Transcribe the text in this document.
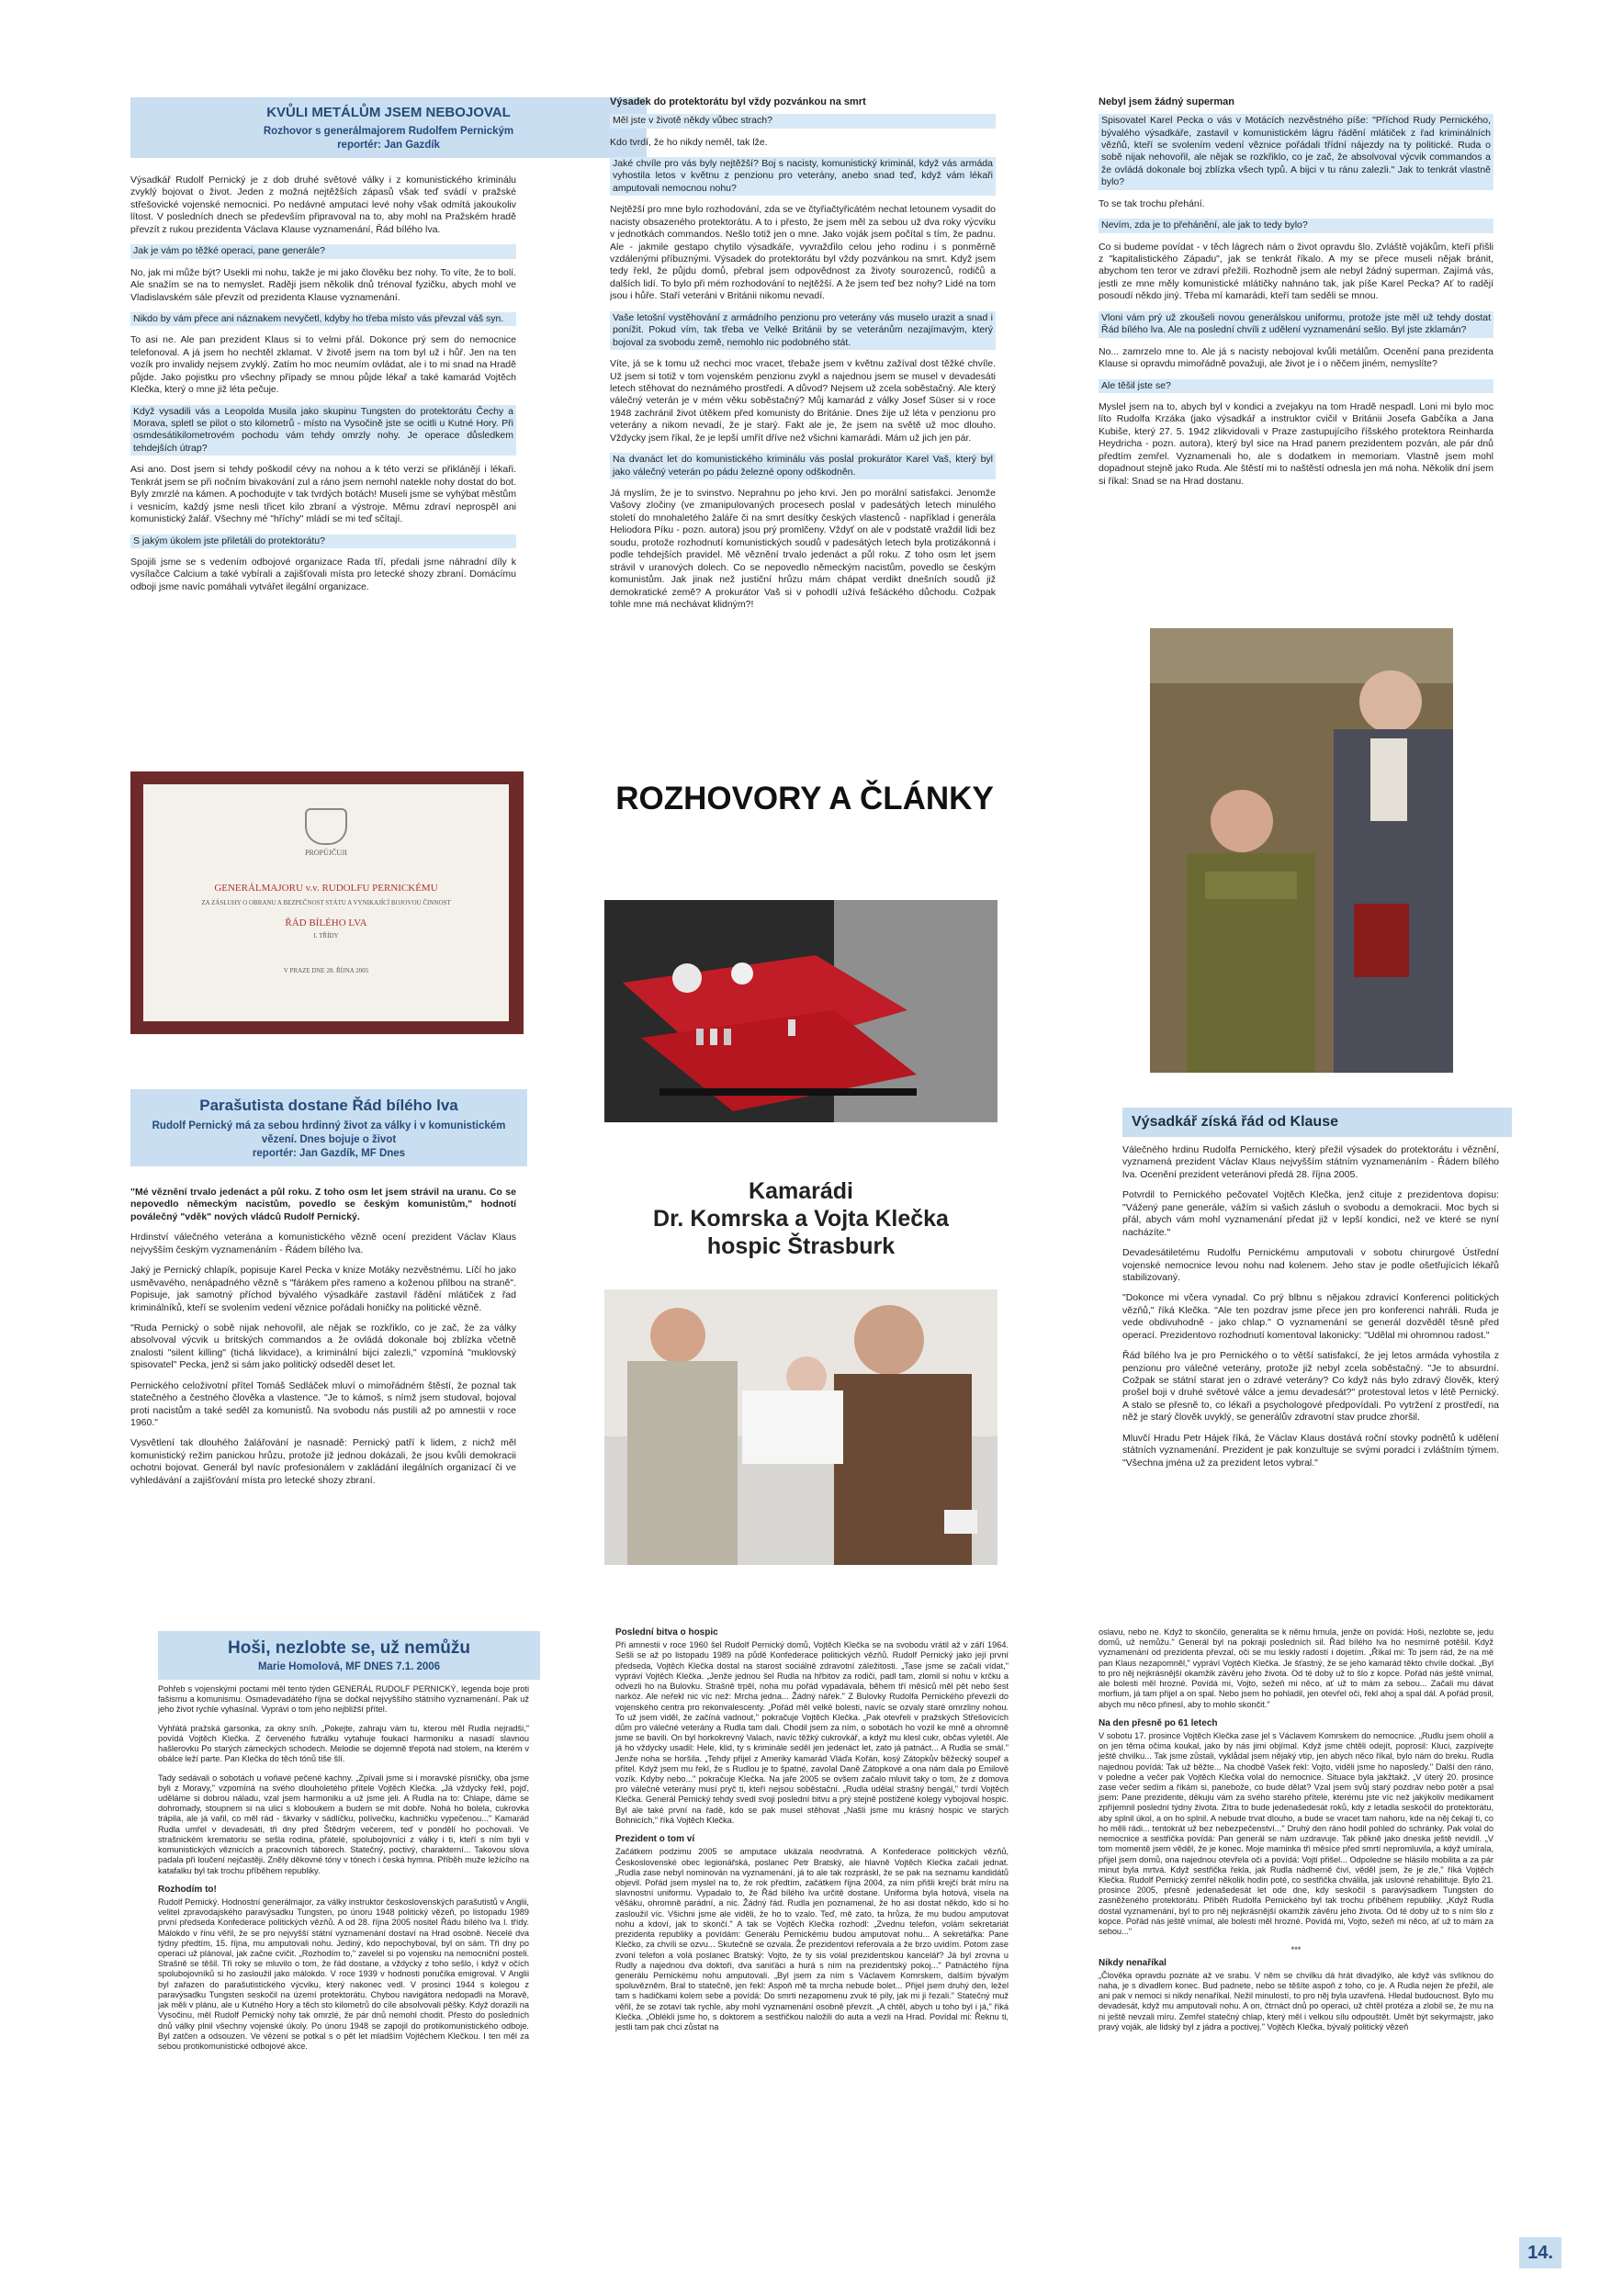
KVŮLI METÁLŮM JSEM NEBOJOVAL
Rozhovor s generálmajorem Rudolfem Pernickým
reportér: Jan Gazdík

Výsadkář Rudolf Pernický je z dob druhé světové války i z komunistického kriminálu zvyklý bojovat o život. Jeden z možná nejtěžších zápasů však teď svádí v pražské střešovické vojenské nemocnici. Po nedávné amputaci levé nohy však odmítá jakoukoliv lítost. V posledních dnech se především připravoval na to, aby mohl na Pražském hradě převzít z rukou prezidenta Václava Klause vyznamenání, Řád bílého lva.

Jak je vám po těžké operaci, pane generále?

No, jak mi může být? Usekli mi nohu, takže je mi jako člověku bez nohy. To víte, že to bolí. Ale snažím se na to nemyslet. Raději jsem několik dnů trénoval fyzičku, abych mohl ve Vladislavském sále převzít od prezidenta Klause vyznamenání.

Nikdo by vám přece ani náznakem nevyčetl, kdyby ho třeba místo vás převzal váš syn.

To asi ne. Ale pan prezident Klaus si to velmi přál. Dokonce prý sem do nemocnice telefonoval. A já jsem ho nechtěl zklamat. V životě jsem na tom byl už i hůř. Jen na ten vozík pro invalidy nejsem zvyklý. Zatím ho moc neumím ovládat, ale i to mi snad na Hradě půjde. Jako pojistku pro všechny případy se mnou půjde lékař a také kamarád Vojtěch Klečka, který o mne již léta pečuje.

Když vysadili vás a Leopolda Musila jako skupinu Tungsten do protektorátu Čechy a Morava, spletl se pilot o sto kilometrů - místo na Vysočině jste se ocitli u Kutné Hory. Při osmdesátikilometrovém pochodu vám tehdy omrzly nohy. Je operace důsledkem tehdejších útrap?

Asi ano. Dost jsem si tehdy poškodil cévy na nohou a k této verzi se přiklánějí i lékaři. Tenkrát jsem se při nočním bivakování zul a ráno jsem nemohl natekle nohy dostat do bot. Byly zmrzlé na kámen. A pochodujte v tak tvrdých botách! Museli jsme se vyhýbat městům i vesnicím, každý jsme nesli třicet kilo zbraní a výstroje. Měmu zdraví neprospěl ani komunistický žalář. Všechny mé "hříchy" mládí se mi teď sčítají.

S jakým úkolem jste přiletáli do protektorátu?

Spojili jsme se s vedením odbojové organizace Rada tří, předali jsme náhradní díly k vysílačce Calcium a také vybírali a zajišťovali místa pro letecké shozy zbraní. Domácímu odboji jsme navíc pomáhali vytvářet ilegální organizace.

Výsadek do protektorátu byl vždy pozvánkou na smrt

Měl jste v životě někdy vůbec strach?

Kdo tvrdí, že ho nikdy neměl, tak lže.

Jaké chvíle pro vás byly nejtěžší? Boj s nacisty, komunistický kriminál, když vás armáda vyhostila letos v květnu z penzionu pro veterány, anebo snad teď, když vám lékaři amputovali nemocnou nohu?

Nejtěžší pro mne bylo rozhodování, zda se ve čtyřiačtyřicátém nechat letounem vysadit do nacisty obsazeného protektorátu. A to i přesto, že jsem měl za sebou už dva roky výcviku v jednotkách commandos. Nešlo totiž jen o mne. Jako voják jsem počítal s tím, že padnu. Ale - jakmile gestapo chytilo výsadkáře, vyvražďilo celou jeho rodinu i s ponměrně vzdálenými příbuznými. Výsadek do protektorátu byl vždy pozvánkou na smrt. Když jsem tedy řekl, že půjdu domů, přebral jsem odpovědnost za životy sourozenců, rodičů a dalších lidí. To bylo při mém rozhodování to nejtěžší. A že jsem teď bez nohy? Lidé na tom jsou i hůře. Staří veteráni v Británii nikomu nevadí.

Vaše letošní vystěhování z armádního penzionu pro veterány vás muselo urazit a snad i ponížit. Pokud vím, tak třeba ve Velké Británii by se veteránům nezajímavým, který bojoval za svobodu země, nemohlo nic podobného stát.

Víte, já se k tomu už nechci moc vracet, třebaže jsem v květnu zažíval dost těžké chvíle. Už jsem si totiž v tom vojenském penzionu zvykl a najednou jsem se musel v devadesáti letech stěhovat do neznámého prostředí. A důvod? Nejsem už zcela soběstačný. Ale který válečný veterán je v mém věku soběstačný? Můj kamarád z války Josef Süser si v roce 1948 zachránil život útěkem před komunisty do Británie. Dnes žije už léta v penzionu pro veterány a nikom nevadí, že je starý. Fakt ale je, že jsem na světě už moc dlouho. Vždycky jsem říkal, že je lepší umřít dříve než všichni kamarádi. Mám už jich jen pár.

Na dvanáct let do komunistického kriminálu vás poslal prokurátor Karel Vaš, který byl jako válečný veterán po pádu železné opony odškodněn.

Já myslím, že je to svinstvo. Neprahnu po jeho krvi. Jen po morální satisfakci. Jenomže Vašovy zločiny (ve zmanipulovaných procesech poslal v padesátých letech minulého století do mnohaletého žaláře či na smrt desítky českých vlastenců - například i generála Heliodora Píku - pozn. autora) jsou prý promlčeny. Vždyť on ale v podstatě vraždil lidi bez soudu, protože rozhodnutí komunistických soudů v padesátých letech byla protizákonná i podle tehdejších pravidel. Mě věznění trvalo jedenáct a půl roku. Z toho osm let jsem strávil v uranových dolech. Co se nepovedlo německým nacistům, povedlo se českým komunistům. Jak jinak než justiční hrůzu mám chápat verdikt dnešních soudů již demokratické země? A prokurátor Vaš si v pohodlí užívá fešáckého důchodu. Cožpak tohle mne má nechávat klidným?!

Nebyl jsem žádný superman

Spisovatel Karel Pecka o vás v Motácích nezvěstného píše: "Příchod Rudy Pernického, bývalého výsadkáře, zastavil v komunistickém lágru řádění mlátiček z řad kriminálních vězňů, kteří se svolením vedení věznice pořádali třídní nájezdy na ty politické. Ruda o sobě nijak nehovořil, ale nějak se rozkřiklo, co je zač, že absolvoval výcvik commandos a že ovládá dokonale boj zblízka všech typů. A bijci v tu ránu zalezli." Jak to tenkrát vlastně bylo?

To se tak trochu přehání.

Nevím, zda je to přehánění, ale jak to tedy bylo?

Co si budeme povídat - v těch lágrech nám o život opravdu šlo. Zvláště vojákům, kteří přišli z "kapitalistického Západu", jak se tenkrát říkalo. A my se přece museli nějak bránit, abychom ten teror ve zdraví přežili. Rozhodně jsem ale nebyl žádný superman. Zajímá vás, jestli ze mne měly komunistické mlátičky nahnáno tak, jak píše Karel Pecka? Ať to radějí posoudí někdo jiný. Třeba mí kamarádi, kteří tam seděli se mnou.

Vloni vám prý už zkoušeli novou generálskou uniformu, protože jste měl už tehdy dostat Řád bílého lva. Ale na poslední chvíli z udělení vyznamenání sešlo. Byl jste zklamán?

No... zamrzelo mne to. Ale já s nacisty nebojoval kvůli metálům. Ocenění pana prezidenta Klause si opravdu mimořádně považuji, ale život je i o něčem jiném, nemyslíte?

Ale těšil jste se?

Myslel jsem na to, abych byl v kondici a zvejakyu na tom Hradě nespadl. Loni mi bylo moc líto Rudolfa Krzáka (jako výsadkář a instruktor cvičil v Británii Josefa Gabčíka a Jana Kubiše, který 27. 5. 1942 zlikvidovali v Praze zastupujícího říšského protektora Reinharda Heydricha - pozn. autora), který byl sice na Hrad panem prezidentem pozván, ale pár dnů předtím zemřel. Vyznamenali ho, ale s dodatkem in memoriam. Vlastně jsem mohl dopadnout stejně jako Ruda. Ale štěstí mi to naštěstí odnesla jen má noha. Několik dní jsem si říkal: Snad se na Hrad dostanu.

PROPŮJČUJI
GENERÁLMAJORU v.v. RUDOLFU PERNICKÉMU
ZA ZÁSLUHY O OBRANU A BEZPEČNOST STÁTU A VYNIKAJÍCÍ BOJOVOU ČINNOST
ŘÁD BÍLÉHO LVA
I. TŘÍDY
V PRAZE DNE 28. ŘÍJNA 2005
ROZHOVORY A ČLÁNKY
Kamarádi
Dr. Komrska a Vojta Klečka
hospic Štrasburk
Parašutista dostane Řád bílého lva
Rudolf Pernický má za sebou hrdinný život za války i v komunistickém vězení. Dnes bojuje o život
reportér: Jan Gazdík, MF Dnes

"Mé věznění trvalo jedenáct a půl roku. Z toho osm let jsem strávil na uranu. Co se nepovedlo německým nacistům, povedlo se českým komunistům," hodnotí poválečný "vděk" nových vládců Rudolf Pernický.

Hrdinství válečného veterána a komunistického vězně ocení prezident Václav Klaus nejvyšším českým vyznamenáním - Řádem bílého lva.

Jaký je Pernický chlapík, popisuje Karel Pecka v knize Motáky nezvěstnému. Líčí ho jako usměvavého, nenápadného vězně s "fárákem přes rameno a koženou přilbou na straně". Popisuje, jak samotný příchod bývalého výsadkáře zastavil řádění mlátiček z řad kriminálníků, kteří se svolením vedení věznice pořádali honičky na politické vězně.

"Ruda Pernický o sobě nijak nehovořil, ale nějak se rozkřiklo, co je zač, že za války absolvoval výcvik u britských commandos a že ovládá dokonale boj zblízka včetně znalosti "silent killing" (tichá likvidace), a kriminální bijci zalezli," vzpomíná "muklovský spisovatel" Pecka, jenž si sám jako politický odseděl deset let.

Pernického celoživotní přítel Tomáš Sedláček mluví o mimořádném štěstí, že poznal tak statečného a čestného člověka a vlastence. "Je to kámoš, s nímž jsem studoval, bojoval proti nacistům a také seděl za komunistů. Na svobodu nás pustili až po amnestii v roce 1960."

Vysvětlení tak dlouhého žalářování je nasnadě: Pernický patří k lidem, z nichž měl komunistický režim panickou hrůzu, protože již jednou dokázali, že jsou kvůli demokracii ochotni bojovat. Generál byl navíc profesionálem v zakládání ilegálních organizací či ve vyhledávání a zajišťování místa pro letecké shozy zbraní.

Výsadkář získá řád od Klause

Válečného hrdinu Rudolfa Pernického, který přežil výsadek do protektorátu i věznění, vyznamená prezident Václav Klaus nejvyšším státním vyznamenáním - Řádem bílého lva. Ocenění prezident veteránovi předá 28. října 2005.

Potvrdil to Pernického pečovatel Vojtěch Klečka, jenž cituje z prezidentova dopisu: "Vážený pane generále, vážím si vašich zásluh o svobodu a demokracii. Moc bych si přál, abych vám mohl vyznamenání předat již v lepší kondici, než ve které se nyní nacházíte."

Devadesátiletému Rudolfu Pernickému amputovali v sobotu chirurgové Ústřední vojenské nemocnice levou nohu nad kolenem. Jeho stav je podle ošetřujících lékařů stabilizovaný.

"Dokonce mi včera vynadal. Co prý blbnu s nějakou zdravicí Konferenci politických vězňů," říká Klečka. "Ale ten pozdrav jsme přece jen pro konferenci nahráli. Ruda je vede obdivuhodně - jako chlap." O vyznamenání se generál dozvěděl těsně před operací. Prezidentovo rozhodnutí komentoval lakonicky: "Udělal mi ohromnou radost."

Řád bílého lva je pro Pernického o to větší satisfakcí, že jej letos armáda vyhostila z penzionu pro válečné veterány, protože již nebyl zcela soběstačný. "Je to absurdní. Cožpak se státní starat jen o zdravé veterány? Co když nás bylo zdravý člověk, který prošel boji v druhé světové válce a jemu devadesát?" protestoval letos v létě Pernický. A stalo se přesně to, co lékaři a psychologové předpovídali. Po vytržení z prostředí, na něž je starý člověk uvyklý, se generálův zdravotní stav prudce zhoršil.

Mluvčí Hradu Petr Hájek říká, že Václav Klaus dostává roční stovky podnětů k udělení státních vyznamenání. Prezident je pak konzultuje se svými poradci i zvláštním týmem. "Všechna jména už za prezident letos vybral."

Hoši, nezlobte se, už nemůžu
Marie Homolová, MF DNES 7.1. 2006

Pohřeb s vojenskými poctami měl tento týden GENERÁL RUDOLF PERNICKÝ, legenda boje proti fašismu a komunismu. Osmadevadátého října se dočkal nejvyššího státního vyznamenání. Pak už jeho život rychle vyhasínal. Vyprávi o tom jeho nejbližší přítel.

Vyhřátá pražská garsonka, za okny sníh. „Pokejte, zahraju vám tu, kterou měl Rudla nejradši," povídá Vojtěch Klečka. Z červeného futrálku vytahuje foukací harmoniku a nasadí slavnou hašlerovku Po starých zámeckých schodech. Melodie se dojemně třepotá nad stolem, na kterém v obálce leží parte. Pan Klečka do těch tónů tiše šlí.

Tady sedávali o sobotách u voňavé pečené kachny. „Zpívali jsme si i moravské písničky, oba jsme byli z Moravy," vzpomíná na svého dlouholetého přítele Vojtěch Klečka. „Já vždycky řekl, pojď, uděláme si dobrou náladu, vzal jsem harmoniku a už jsme jeli. A Rudla na to: Chlape, dáme se dohromady, stoupnem si na ulici s kloboukem a budem se mít dobře. Nohá ho bolela, cukrovka trápila, ale já vařil, co měl rád - škvarky v sádlíčku, polívečku, kachničku vypečenou..." Kamarád Rudla umřel v devadesáti, tři dny před Štědrým večerem, teď v pondělí ho pochovali. Ve strašnickém krematoriu se sešla rodina, přátelé, spolubojovníci z války i ti, kteří s ním byli v komunistických věznicích a pracovních táborech. Statečný, poctivý, charakterní... Takovou slova padala při loučení nejčastěji. Zněly děkovné tóny v tónech i česká hymna. Příběh muže ležícího na katafalku byl tak trochu příběhem republiky.

Rozhodím to!

Rudolf Pernický. Hodnostní generálmajor, za války instruktor československých parašutistů v Anglii, velitel zpravodajského paravýsadku Tungsten, po únoru 1948 politický vězeň, po listopadu 1989 první předseda Konfederace politických vězňů. A od 28. října 2005 nositel Řádu bílého lva I. třídy. Málokdo v řínu věřil, že se pro nejvyšší státní vyznamenání dostaví na Hrad osobně. Necelé dva týdny předtím, 15. října, mu amputovali nohu. Jediný, kdo nepochyboval, byl on sám. Tři dny po operaci už plánoval, jak začne cvičit. „Rozhodím to," zavelel si po vojensku na nemocniční posteli. Strašně se těšil. Tři roky se mluvilo o tom, že řád dostane, a vždycky z toho sešlo, i když v očích spolubojovníků si ho zasloužil jako málokdo. V roce 1939 v hodnosti poručíka emigroval. V Anglii byl zařazen do parašutistického výcviku, který nakonec vedl. V prosinci 1944 s kolegou z paravýsadku Tungsten seskočil na území protektorátu. Chybou navigátora nedopadli na Moravě, jak měli v plánu, ale u Kutného Hory a těch sto kilometrů do cíle absolvovali pěšky. Když dorazili na Vysočinu, měl Rudolf Pernický nohy tak omrzlé, že pár dnů nemohl chodit. Přesto do posledních dnů války plnil všechny vojenské úkoly. Po únoru 1948 se zapojil do protikomunistického odboje. Byl zatčen a odsouzen. Ve vězení se potkal s o pět let mladším Vojtěchem Klečkou. I ten měl za sebou protikomunistické odbojové akce.

Poslední bitva o hospic

Při amnestii v roce 1960 šel Rudolf Pernický domů, Vojtěch Klečka se na svobodu vrátil až v září 1964. Sešli se až po listopadu 1989 na půdě Konfederace politických vězňů. Rudolf Pernický jako její první předseda, Vojtěch Klečka dostal na starost sociálně zdravotní záležitosti. „Tase jsme se začali vídat," vypráví Vojtěch Klečka. „Jenže jednou šel Rudla na hřbitov za rodiči, padl tam, zlomil si nohu v krčku a odvezli ho na Bulovku. Strašně trpěl, noha mu pořád vypadávala, během tří měsíců měl pět nebo šest narkóz. Ale neřekl nic víc než: Mrcha jedna... Žádný nářek." Z Bulovky Rudolfa Pernického převezli do vojenského centra pro rekonvalescenty. „Pořád měl velké bolesti, navíc se ozvaly staré omrzliny nohou. To už jsem viděl, že začíná vadnout," pokračuje Vojtěch Klečka. „Pak otevřeli v pražských Střešovicích dům pro válečné veterány a Rudla tam dali. Chodil jsem za ním, o sobotách ho vozil ke mně a ohromně jsme se bavili. On byl horkokrevný Valach, navíc těžký cukrovkář, a když mu klesl cukr, občas vyletěl. Ale já ho vždycky usadil: Hele, klid, ty s kriminále seděl jen jedenáct let, zato já patnáct... A Rudla se smál." Jenže nohа se horšila. „Tehdy přijel z Ameriky kamarád Vláďa Kořán, kosý Zátopkův běžecký soupeř a přítel. Když jsem mu řekl, že s Rudlou je to špatné, zavolal Daně Zátopkové a ona nám dala po Emilově vozík. Kdyby nebo..." pokračuje Klečka. Na jaře 2005 se ovšem začalo mluvit taky o tom, že z domova pro válečné veterány musí pryč ti, kteří nejsou soběstační. „Rudla udělal strašný bengál," tvrdí Vojtěch Klečka. Generál Pernický tehdy svedl svoji poslední bitvu a prý stejně postižené kolegy vybojoval hospic. Byl ale také první na řadě, kdo se pak musel stěhovat „Našli jsme mu krásný hospic ve starých Bohnicích," říká Vojtěch Klečka.

Prezident o tom ví

Začátkem podzimu 2005 se amputace ukázala neodvratná. A Konfederace politických vězňů, Československé obec legionářská, poslanec Petr Bratský, ale hlavně Vojtěch Klečka začali jednat. „Rudla zase nebyl nominován na vyznamenání, já to ale tak rozpráskl, že se pak na seznamu kandidátů objevil. Pořád jsem myslel na to, že rok předtím, začátkem října 2004, za ním přišli krejčí brát míru na slavnostní uniformu. Vypadalo to, že Řád bílého lva určitě dostane. Uniforma byla hotová, visela na věšáku, ohromně parádní, a nic. Žádný řád. Rudla jen poznamenal, že ho asi dostat někdo, kdo si ho zasloužil víc. Všichni jsme ale viděli, že ho to vzalo. Teď, mě zato, ta hrůza, že mu budou amputovat nohu a kdoví, jak to skončí." A tak se Vojtěch Klečka rozhodl: „Zvednu telefon, volám sekretariát prezidenta republiky a povídám: Generálu Pernickému budou amputovat nohu... A sekretářka: Pane Klečko, za chvíli se ozvu... Skutečně se ozvala. Že prezidentovi referovala a že brzo uvidím. Potom zase zvoní telefon a volá poslanec Bratský: Vojto, že ty sis volal prezidentskou kancelář? Já byl zrovna u Rudly a najednou dva doktoři, dva saniťáci a hurá s ním na prezidentský pokoj..." Patnáctého října generálu Pernickému nohu amputovali. „Byl jsem za ním s Václavem Komrskem, dalším bývalým spoluvězněm. Bral to statečně, jen řekl: Aspoň mě ta mrcha nebude bolet... Přijel jsem druhý den, ležel tam s hadičkami kolem sebe a povídá: Do smrti nezapomenu zvuk té pily, jak mi ji řezali." Statečný muž věřil, že se zotaví tak rychle, aby mohl vyznamenání osobně převzít. „A chtěl, abych u toho byl i já," říká Klečka. „Oblékli jsme ho, s doktorem a sestřičkou naložili do auta a vezli na Hrad. Povídal mi: Řeknu ti, jestli tam pak chci zůstat na

oslavu, nebo ne. Když to skončilo, generalita se k němu hrnula, jenže on povídá: Hoši, nezlobte se, jedu domů, už nemůžu." Generál byl na pokraji posledních sil. Řád bílého lva ho nesmírně potěšil. Když vyznamenání od prezidenta převzal, oči se mu leskly radostí i dojetím. „Říkal mi: To jsem rád, že na mě pan Klaus nezapomněl," vypráví Vojtěch Klečka. Je šťastný, že se jeho kamarád těkto chvíle dočkal. „Byl to pro něj nejkrásnější okamžik závěru jeho života. Od té doby už to šlo z kopce. Pořád nás ještě vnímal, ale bolesti měl hrozné. Povídá mi, Vojto, sežeň mi něco, ať už to mám za sebou... Začali mu dávat morfium, já tam přijel a on spal. Nebo jsem ho pohladil, jen otevřel oči, řekl ahoj a spal dál. A pořád prosil, abych mu něco přinesl, aby to mohlo skončit."

Na den přesně po 61 letech

V sobotu 17. prosince Vojtěch Klečka zase jel s Václavem Komrskem do nemocnice. „Rudlu jsem oholil a on jen těma očima koukal, jako by nás jimi objímal. Když jsme chtěli odejít, poprosil: Kluci, zazpívejte ještě chvilku... Tak jsme zůstali, vyklådal jsem nějaký vtip, jen abych něco říkal, bylo nám do breku. Rudla najednou povídá: Tak už běžte... Na chodbě Vašek řekl: Vojto, viděli jsme ho naposledy." Další den ráno, v poledne a večer pak Vojtěch Klečka volal do nemocnice. Situace byla jakžtakž. „V úterý 20. prosince zase večer sedím a říkám si, panebože, co bude dělat? Vzal jsem svůj starý pozdrav nebo potěr a psal jsem: Pane prezidente, děkuju vám za svého starého přítele, kterému jste víc než jakýkoliv medikament zpříjemnil poslední týdny života. Zítra to bude jedenašedesát roků, kdy z letadla seskočil do protektorátu, aby splnil úkol, a on ho splnil. A nebude trvat dlouho, a bude se vracet tam nahoru, kde na něj čekají ti, co ho měli rádi... tentokrát už bez nebezpečenství..." Druhý den ráno hodil pohled do schránky. Pak volal do nemocnice a sestřička povídá: Pan generál se nám uzdravuje. Tak pěkně jako dneska ještě nevidíl. „V tom momentě jsem věděl, že je konec. Moje maminka tři měsíce před smrtí nepromluvila, a když umírala, přijel jsem domů, ona najednou otevřela oči a povídá: Vojti přišel... Odpoledne se hlásilo mobilita a za pár minut byla mrtvá. Když sestřička řekla, jak Rudla nádherně čiví, věděl jsem, že je zle," říká Vojtěch Klečka. Rudolf Pernický zemřel několik hodin poté, co sestřička chválila, jak uslovné rehabilituje. Bylo 21. prosince 2005, přesně jedenašedesát let ode dne, kdy seskočil s paravýsadkem Tungsten do zasněženého protektorátu. Příběh Rudolfa Pernického byl tak trochu příběhem republiky. „Když Rudla dostal vyznamenání, byl to pro něj nejkrásnější okamžik závěru jeho života. Od té doby už to s ním šlo z kopce. Pořád nás ještě vnímal, ale bolesti měl hrozné. Povídá mi, Vojto, sežeň mi něco, ať už to mám za sebou..."

***
Nikdy nenaříkal

„Člověka opravdu poznáte až ve srabu. V něm se chvilku dá hrát divadýlko, ale když vás svlíknou do naha, je s divadlem konec. Bud padnete, nebo se těšíte aspoň z toho, co je. A Rudla nejen že přežil, ale ani pak v nemoci si nikdy nenaříkal. Nežil minulostí, to pro něj byla uzavřená. Hledal budoucnost. Bylo mu devadesát, když mu amputovali nohu. A on, čtrnáct dnů po operaci, už chtěl protéza a zlobil se, že mu na ni ještě nevzali míru. Zemřel statečný chlap, který měl i velkou sílu odpouštět. Umět být sekyrmajstr, jako pravý voják, ale lidský byl z jádra a poctivej." Vojtěch Klečka, bývalý politický vězeň

14.
